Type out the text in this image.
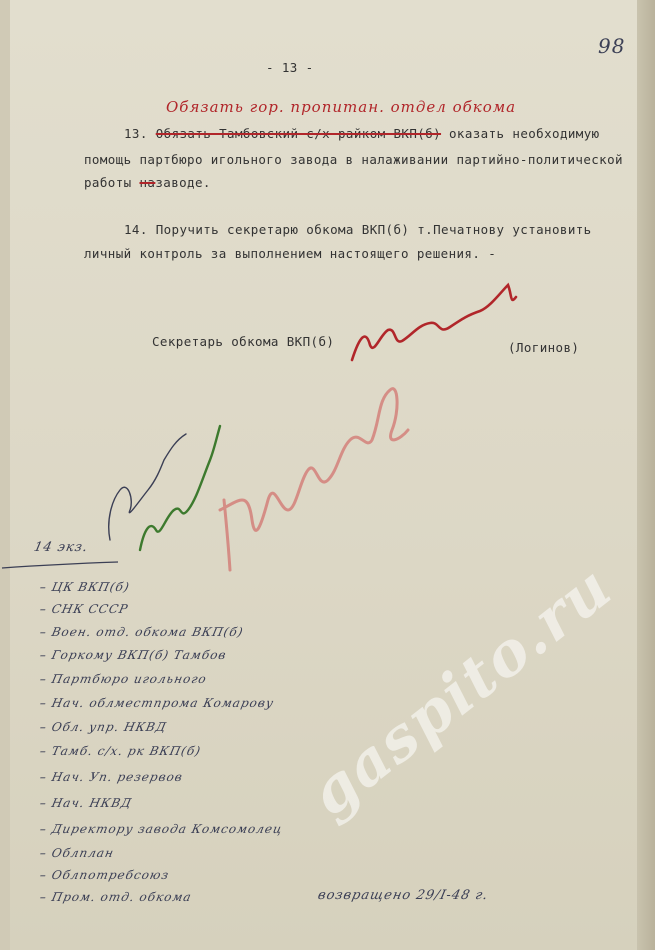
98
- 13 -
Обязать гор. пропитан. отдел обкома
13. Обязать Тамбовский с/х райком ВКП(б) оказать необходимую
помощь партбюро игольного завода в налаживании партийно-политической
работы назаводе.
14. Поручить секретарю обкома ВКП(б) т.Печатнову установить
личный контроль за выполнением настоящего решения. -
Секретарь обкома ВКП(б)	(Логинов)
14 экз.
– ЦК ВКП(б)
– СНК СССР
– Воен. отд. обкома ВКП(б)
– Горкому ВКП(б) Тамбов
– Партбюро игольного
– Нач. облместпрома Комарову
– Обл. упр. НКВД
– Тамб. с/х. рк ВКП(б)
– Нач. Уп. резервов
– Нач. НКВД
– Директору завода Комсомолец
– Облплан
– Облпотребсоюз
– Пром. отд. обкома	возвращено 29/I-48 г.
gaspito.ru
